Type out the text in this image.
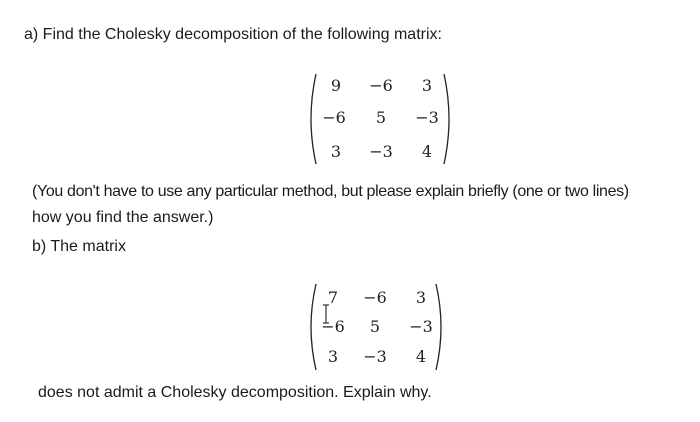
a) Find the Cholesky decomposition of the following matrix:
9	−6	3
−6	5	−3
3	−3	4
(You don't have to use any particular method, but please explain briefly (one or two lines)
how you find the answer.)
b) The matrix
7	−6	3
−6	5	−3
3	−3	4
does not admit a Cholesky decomposition. Explain why.
